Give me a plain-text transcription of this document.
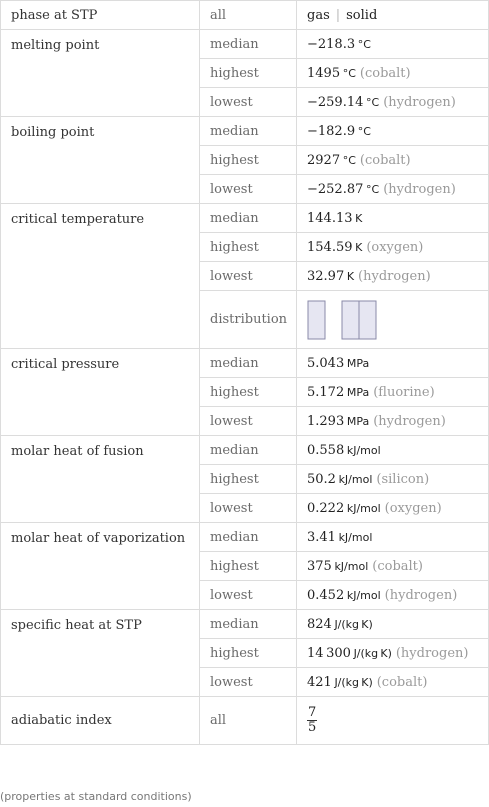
phase at STP	all	gas | solid
melting point	median	−218.3  °C
	highest	1495  °C (cobalt)
	lowest	−259.14  °C (hydrogen)
boiling point	median	−182.9  °C
	highest	2927  °C (cobalt)
	lowest	−252.87  °C (hydrogen)
critical temperature	median	144.13  K
	highest	154.59  K (oxygen)
	lowest	32.97  K (hydrogen)
	distribution	

critical pressure	median	5.043  MPa
	highest	5.172  MPa (fluorine)
	lowest	1.293  MPa (hydrogen)
molar heat of fusion	median	0.558  kJ/mol
	highest	50.2  kJ/mol (silicon)
	lowest	0.222  kJ/mol (oxygen)
molar heat of vaporization	median	3.41  kJ/mol
	highest	375  kJ/mol (cobalt)
	lowest	0.452  kJ/mol (hydrogen)
specific heat at STP	median	824  J/(kg K)
	highest	14 300  J/(kg K) (hydrogen)
	lowest	421  J/(kg K) (cobalt)
adiabatic index	all	$\frac{7}{5}$
(properties at standard conditions)
